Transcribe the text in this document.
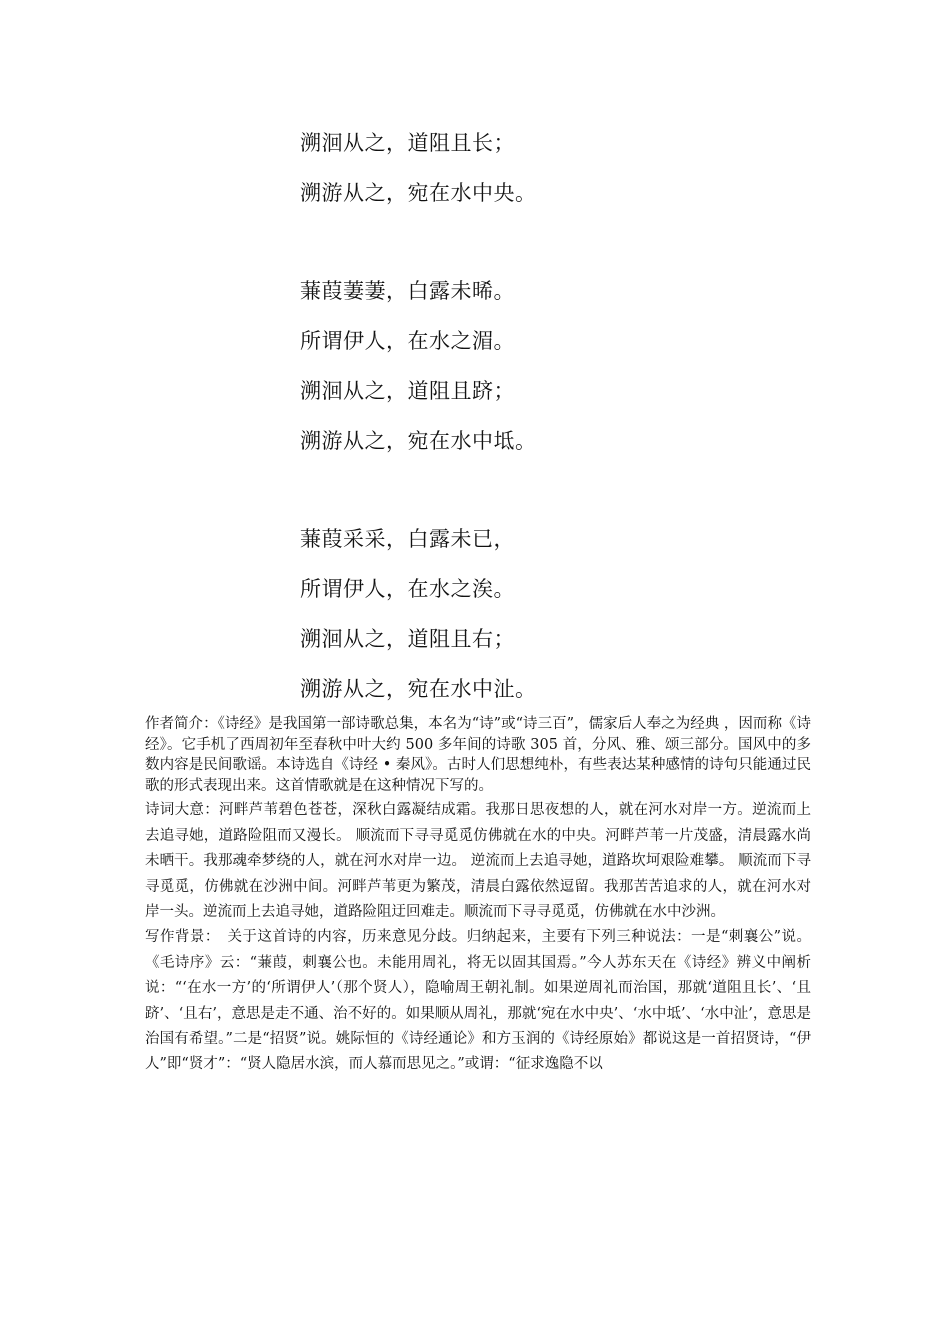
溯洄从之，道阻且长；
溯游从之，宛在水中央。
蒹葭萋萋，白露未晞。
所谓伊人，在水之湄。
溯洄从之，道阻且跻；
溯游从之，宛在水中坻。
蒹葭采采，白露未已，
所谓伊人，在水之涘。
溯洄从之，道阻且右；
溯游从之，宛在水中沚。

作者简介：《诗经》是我国第一部诗歌总集，本名为“诗”或“诗三百”，儒家后人奉之为经典 ，因而称《诗经》。它手机了西周初年至春秋中叶大约 500 多年间的诗歌 305 首，分风、雅、颂三部分。国风中的多数内容是民间歌谣。本诗选自《诗经 • 秦风》。古时人们思想纯朴，有些表达某种感情的诗句只能通过民歌的形式表现出来。这首情歌就是在这种情况下写的。

诗词大意：河畔芦苇碧色苍苍，深秋白露凝结成霜。我那日思夜想的人，就在河水对岸一方。逆流而上去追寻她，道路险阻而又漫长。 顺流而下寻寻觅觅仿佛就在水的中央。河畔芦苇一片茂盛，清晨露水尚未晒干。我那魂牵梦绕的人，就在河水对岸一边。 逆流而上去追寻她，道路坎坷艰险难攀。 顺流而下寻寻觅觅，仿佛就在沙洲中间。河畔芦苇更为繁茂，清晨白露依然逗留。我那苦苦追求的人，就在河水对岸一头。逆流而上去追寻她，道路险阻迂回难走。顺流而下寻寻觅觅，仿佛就在水中沙洲。

写作背景：　关于这首诗的内容，历来意见分歧。归纳起来，主要有下列三种说法：一是“刺襄公”说。《毛诗序》云：“蒹葭，刺襄公也。未能用周礼，将无以固其国焉。”今人苏东天在《诗经》辨义中阐析说：“‘在水一方’的‘所谓伊人’（那个贤人），隐喻周王朝礼制。如果逆周礼而治国，那就‘道阻且长’、‘且跻’、‘且右’，意思是走不通、治不好的。如果顺从周礼，那就‘宛在水中央’、‘水中坻’、‘水中沚’，意思是治国有希望。”二是“招贤”说。姚际恒的《诗经通论》和方玉润的《诗经原始》都说这是一首招贤诗，“伊人”即“贤才”：“贤人隐居水滨，而人慕而思见之。”或谓：“征求逸隐不以
